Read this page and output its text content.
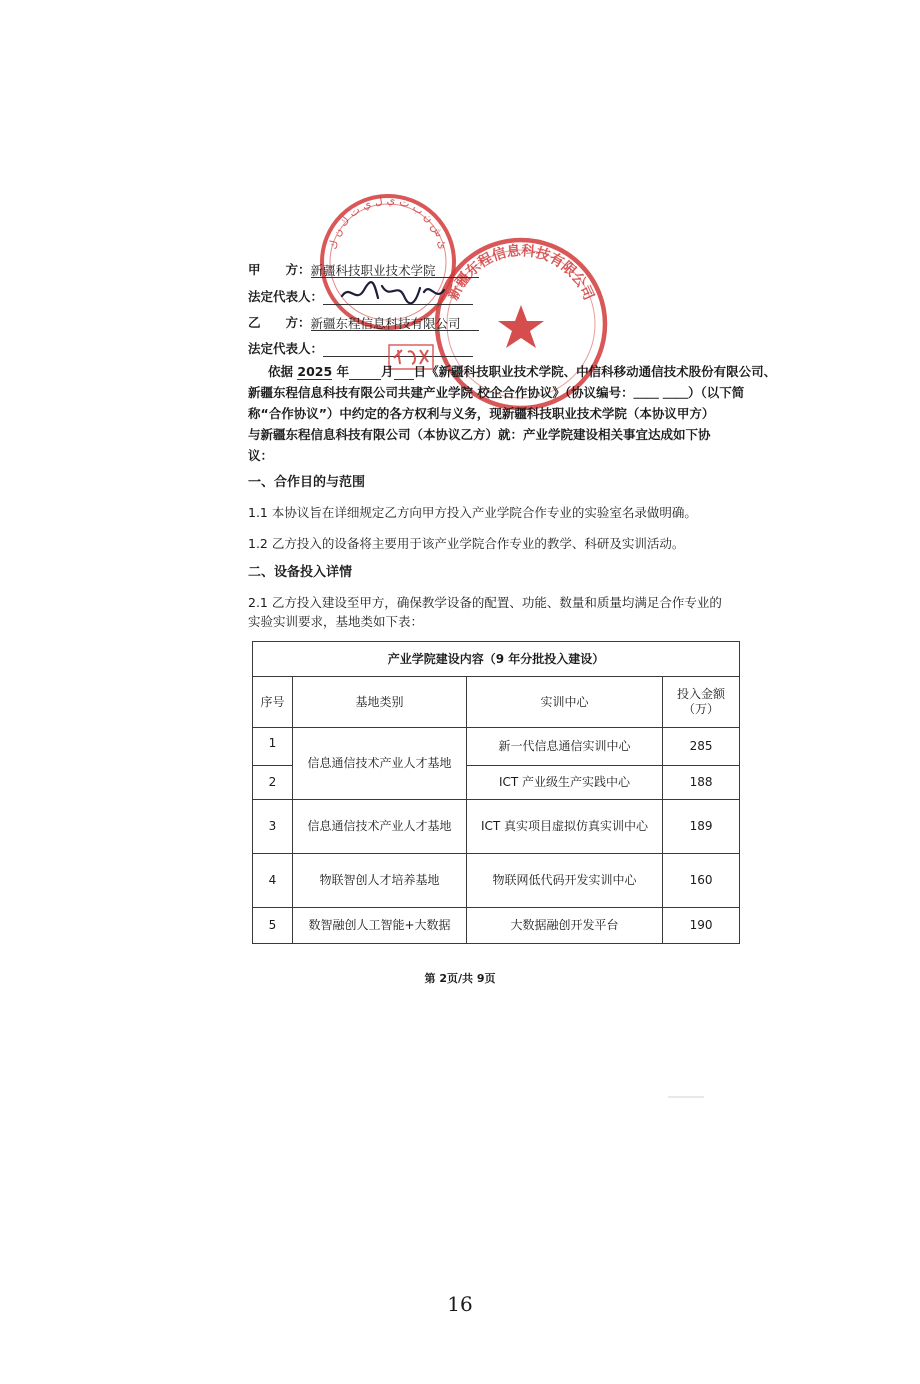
ئ ش ن ب ت ي ل ي ت ك ن ك
新疆东程信息科技有限公司
甲　　方：新疆科技职业技术学院
法定代表人：
乙　　方：新疆东程信息科技有限公司
法定代表人：
依据 2025 年	月 日《新疆科技职业技术学院、中信科移动通信技术股份有限公司、
新疆东程信息科技有限公司共建产业学院 校企合作协议》（协议编号：＿＿ ＿＿）（以下简
称“合作协议”）中约定的各方权利与义务，现新疆科技职业技术学院（本协议甲方）
与新疆东程信息科技有限公司（本协议乙方）就：产业学院建设相关事宜达成如下协
议：
一、合作目的与范围
1.1 本协议旨在详细规定乙方向甲方投入产业学院合作专业的实验室名录做明确。
1.2 乙方投入的设备将主要用于该产业学院合作专业的教学、科研及实训活动。
二、设备投入详情
2.1 乙方投入建设至甲方，确保教学设备的配置、功能、数量和质量均满足合作专业的
实验实训要求，基地类如下表：
产业学院建设内容（9 年分批投入建设）			
序号	基地类别	实训中心	投入金额（万）
1	信息通信技术产业人才基地	新一代信息通信实训中心	285
2		ICT 产业级生产实践中心	188
3	信息通信技术产业人才基地	ICT 真实项目虚拟仿真实训中心	189
4	物联智创人才培养基地	物联网低代码开发实训中心	160
5	数智融创人工智能+大数据	大数据融创开发平台	190
第 2页/共 9页
16
